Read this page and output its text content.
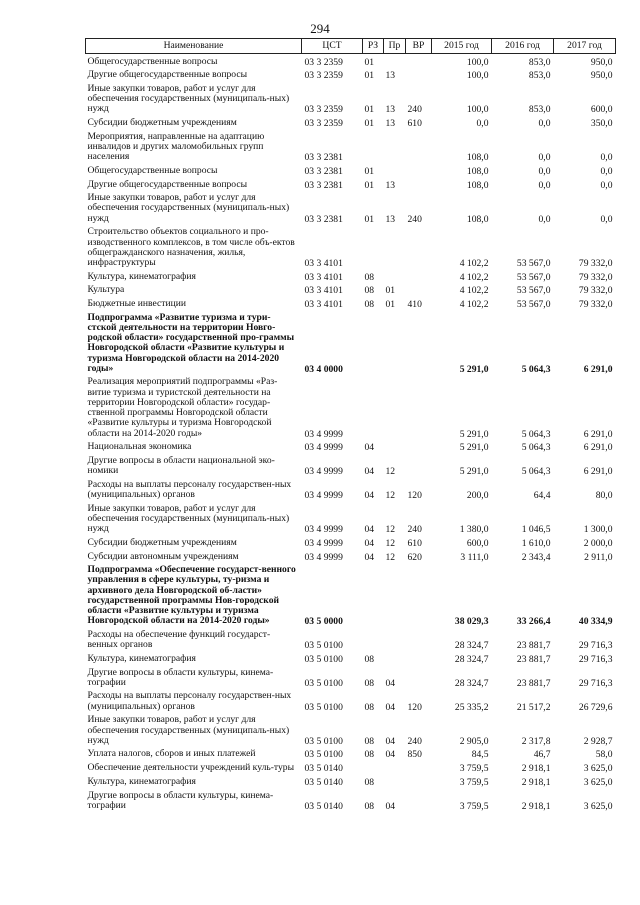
294
Наименование	ЦСТ	РЗ	Пр	ВР	2015 год	2016 год	2017 год
Общегосударственные вопросы	03 3 2359	01			100,0	853,0	950,0
Другие общегосударственные вопросы	03 3 2359	01	13		100,0	853,0	950,0
Иные закупки товаров, работ и услуг для обеспечения государственных (муниципаль-ных) нужд	03 3 2359	01	13	240	100,0	853,0	600,0
Субсидии бюджетным учреждениям	03 3 2359	01	13	610	0,0	0,0	350,0
Мероприятия, направленные на адаптацию инвалидов и других маломобильных групп населения	03 3 2381				108,0	0,0	0,0
Общегосударственные вопросы	03 3 2381	01			108,0	0,0	0,0
Другие общегосударственные вопросы	03 3 2381	01	13		108,0	0,0	0,0
Иные закупки товаров, работ и услуг для обеспечения государственных (муниципаль-ных) нужд	03 3 2381	01	13	240	108,0	0,0	0,0
Строительство объектов социального и про-изводственного комплексов, в том числе объ-ектов общегражданского назначения, жилья, инфраструктуры	03 3 4101				4 102,2	53 567,0	79 332,0
Культура, кинематография	03 3 4101	08			4 102,2	53 567,0	79 332,0
Культура	03 3 4101	08	01		4 102,2	53 567,0	79 332,0
Бюджетные инвестиции	03 3 4101	08	01	410	4 102,2	53 567,0	79 332,0
Подпрограмма «Развитие туризма и тури-стской деятельности на территории Новго-родской области» государственной про-граммы Новгородской области «Развитие культуры и туризма Новгородской области на 2014-2020 годы»	03 4 0000				5 291,0	5 064,3	6 291,0
Реализация мероприятий подпрограммы «Раз-витие туризма и туристской деятельности на территории Новгородской области» государ-ственной программы Новгородской области «Развитие культуры и туризма Новгородской области на 2014-2020 годы»	03 4 9999				5 291,0	5 064,3	6 291,0
Национальная экономика	03 4 9999	04			5 291,0	5 064,3	6 291,0
Другие вопросы в области национальной эко-номики	03 4 9999	04	12		5 291,0	5 064,3	6 291,0
Расходы на выплаты персоналу государствен-ных (муниципальных) органов	03 4 9999	04	12	120	200,0	64,4	80,0
Иные закупки товаров, работ и услуг для обеспечения государственных (муниципаль-ных) нужд	03 4 9999	04	12	240	1 380,0	1 046,5	1 300,0
Субсидии бюджетным учреждениям	03 4 9999	04	12	610	600,0	1 610,0	2 000,0
Субсидии автономным учреждениям	03 4 9999	04	12	620	3 111,0	2 343,4	2 911,0
Подпрограмма «Обеспечение государст-венного управления в сфере культуры, ту-ризма и архивного дела Новгородской об-ласти» государственной программы Нов-городской области «Развитие культуры и туризма Новгородской области на 2014-2020 годы»	03 5 0000				38 029,3	33 266,4	40 334,9
Расходы на обеспечение функций государст-венных органов	03 5 0100				28 324,7	23 881,7	29 716,3
Культура, кинематография	03 5 0100	08			28 324,7	23 881,7	29 716,3
Другие вопросы в области культуры, кинема-тографии	03 5 0100	08	04		28 324,7	23 881,7	29 716,3
Расходы на выплаты персоналу государствен-ных (муниципальных) органов	03 5 0100	08	04	120	25 335,2	21 517,2	26 729,6
Иные закупки товаров, работ и услуг для обеспечения государственных (муниципаль-ных) нужд	03 5 0100	08	04	240	2 905,0	2 317,8	2 928,7
Уплата налогов, сборов и иных платежей	03 5 0100	08	04	850	84,5	46,7	58,0
Обеспечение деятельности учреждений куль-туры	03 5 0140				3 759,5	2 918,1	3 625,0
Культура, кинематография	03 5 0140	08			3 759,5	2 918,1	3 625,0
Другие вопросы в области культуры, кинема-тографии	03 5 0140	08	04		3 759,5	2 918,1	3 625,0
